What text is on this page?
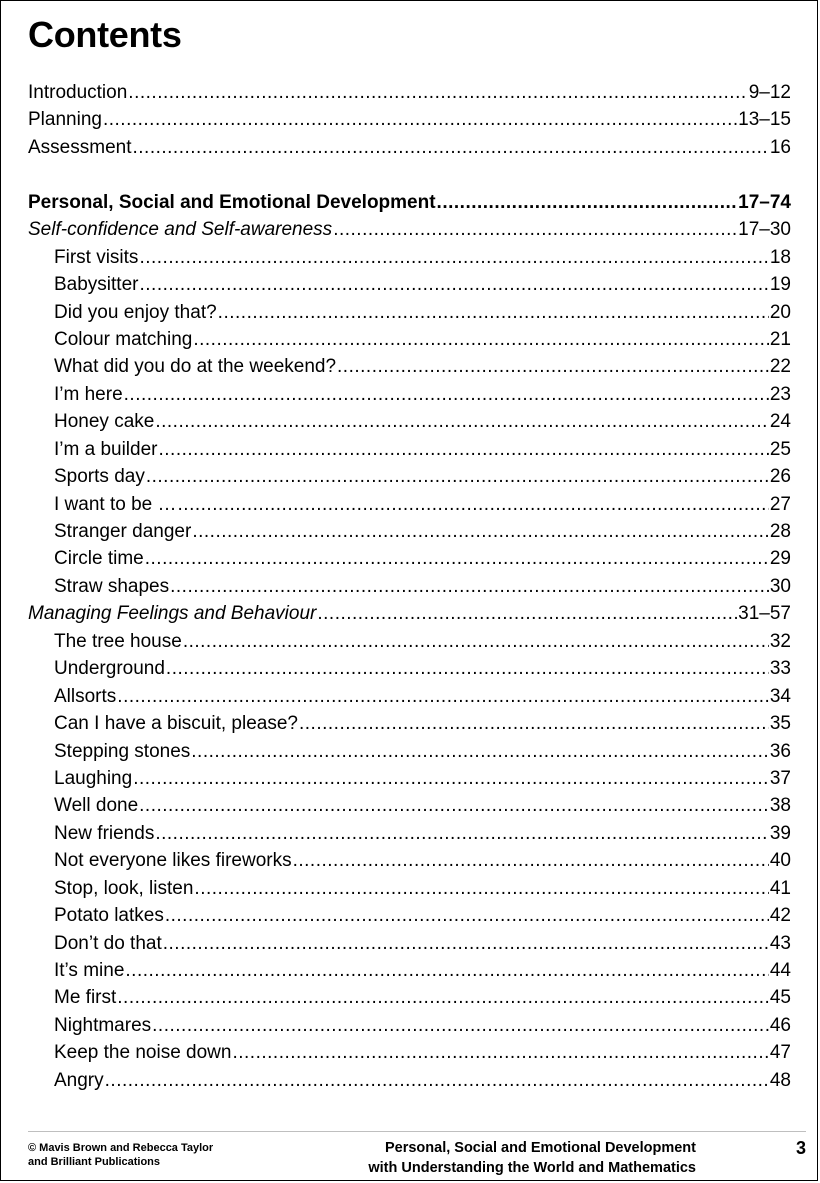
Contents
Introduction .....	9–12
Planning .....	13–15
Assessment .....	16
Personal, Social and Emotional Development .....	17–74
Self-confidence and Self-awareness .....	17–30
First visits .....	18
Babysitter .....	19
Did you enjoy that? .....	20
Colour matching .....	21
What did you do at the weekend? .....	22
I’m here .....	23
Honey cake .....	24
I’m a builder .....	25
Sports day .....	26
I want to be … .....	27
Stranger danger .....	28
Circle time .....	29
Straw shapes .....	30
Managing Feelings and Behaviour .....	31–57
The tree house .....	32
Underground .....	33
Allsorts .....	34
Can I have a biscuit, please? .....	35
Stepping stones .....	36
Laughing .....	37
Well done .....	38
New friends .....	39
Not everyone likes fireworks .....	40
Stop, look, listen .....	41
Potato latkes .....	42
Don’t do that .....	43
It’s mine .....	44
Me first .....	45
Nightmares .....	46
Keep the noise down .....	47
Angry .....	48
© Mavis Brown and Rebecca Taylor
and Brilliant Publications
Personal, Social and Emotional Development
with Understanding the World and Mathematics
3
